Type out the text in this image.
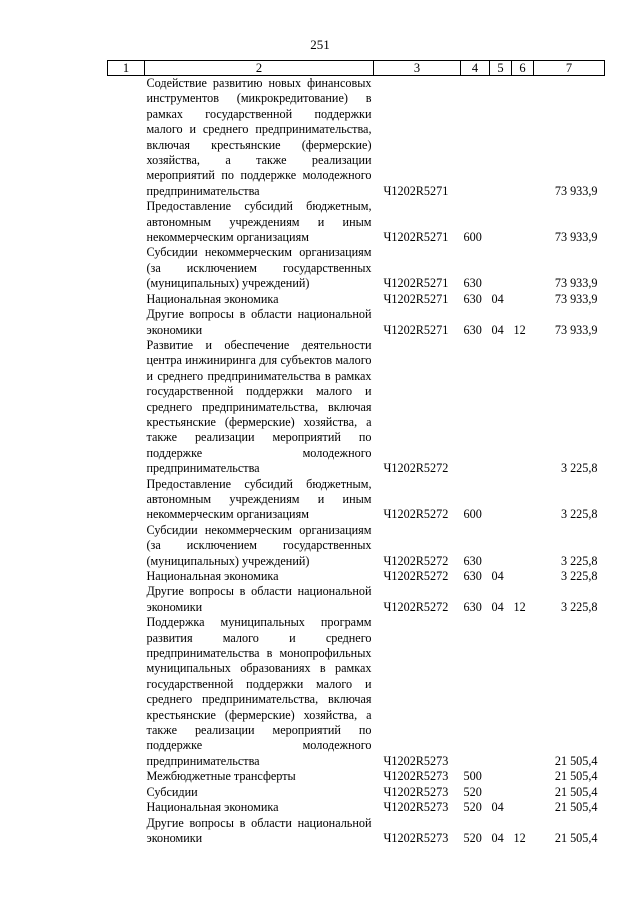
251
1	2	3	4	5	6	7
	Содействие развитию новых финансовых инструментов (микрокредитование) в рамках государственной поддержки малого и среднего предпринимательства, включая крестьянские (фермерские) хозяйства, а также реализации мероприятий по поддержке молодежного предпринимательства	Ч1202R5271				73 933,9
	Предоставление субсидий бюджетным, автономным учреждениям и иным некоммерческим организациям	Ч1202R5271	600			73 933,9
	Субсидии некоммерческим организациям (за исключением государственных (муниципальных) учреждений)	Ч1202R5271	630			73 933,9
	Национальная экономика	Ч1202R5271	630	04		73 933,9
	Другие вопросы в области национальной экономики	Ч1202R5271	630	04	12	73 933,9
	Развитие и обеспечение деятельности центра инжиниринга для субъектов малого и среднего предпринимательства в рамках государственной поддержки малого и среднего предпринимательства, включая крестьянские (фермерские) хозяйства, а также реализации мероприятий по поддержке молодежного предпринимательства	Ч1202R5272				3 225,8
	Предоставление субсидий бюджетным, автономным учреждениям и иным некоммерческим организациям	Ч1202R5272	600			3 225,8
	Субсидии некоммерческим организациям (за исключением государственных (муниципальных) учреждений)	Ч1202R5272	630			3 225,8
	Национальная экономика	Ч1202R5272	630	04		3 225,8
	Другие вопросы в области национальной экономики	Ч1202R5272	630	04	12	3 225,8
	Поддержка муниципальных программ развития малого и среднего предпринимательства в монопрофильных муниципальных образованиях в рамках государственной поддержки малого и среднего предпринимательства, включая крестьянские (фермерские) хозяйства, а также реализации мероприятий по поддержке молодежного предпринимательства	Ч1202R5273				21 505,4
	Межбюджетные трансферты	Ч1202R5273	500			21 505,4
	Субсидии	Ч1202R5273	520			21 505,4
	Национальная экономика	Ч1202R5273	520	04		21 505,4
	Другие вопросы в области национальной экономики	Ч1202R5273	520	04	12	21 505,4
